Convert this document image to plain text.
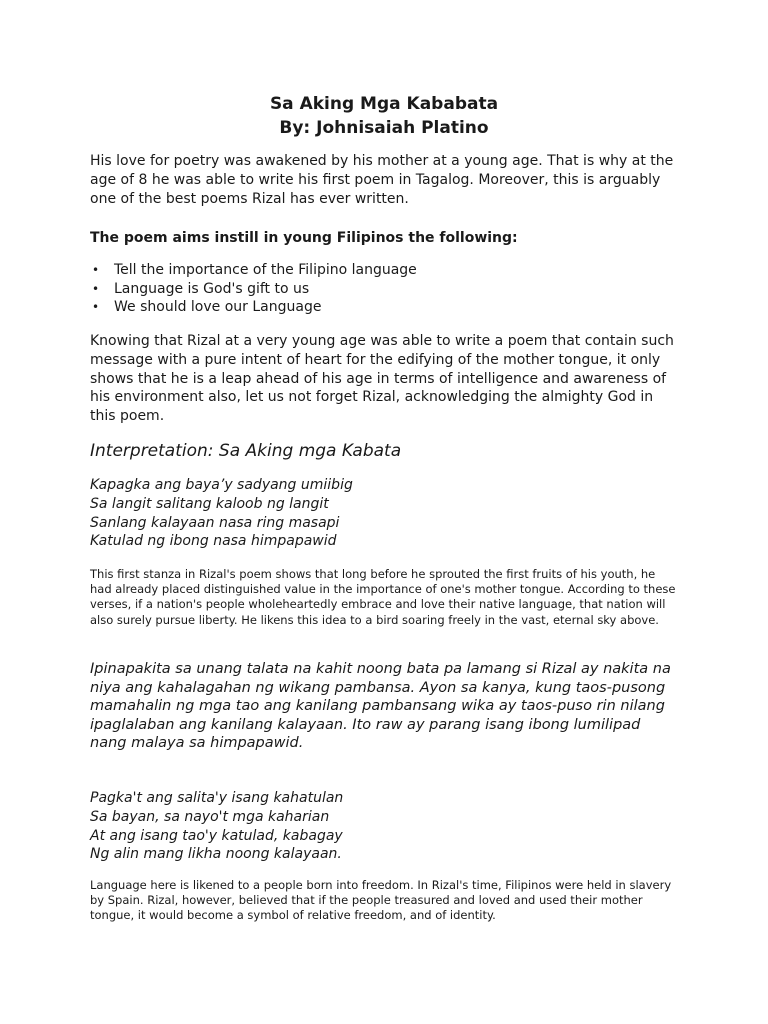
Sa Aking Mga Kababata

By: Johnisaiah Platino

His love for poetry was awakened by his mother at a young age. That is why at the age of 8 he was able to write his first poem in Tagalog. Moreover, this is arguably one of the best poems Rizal has ever written.

The poem aims instill in young Filipinos the following:

• Tell the importance of the Filipino language
• Language is God's gift to us
• We should love our Language

Knowing that Rizal at a very young age was able to write a poem that contain such message with a pure intent of heart for the edifying of the mother tongue, it only shows that he is a leap ahead of his age in terms of intelligence and awareness of his environment also, let us not forget Rizal, acknowledging the almighty God in this poem.

Interpretation: Sa Aking mga Kabata

Kapagka ang baya’y sadyang umiibig

Sa langit salitang kaloob ng langit

Sanlang kalayaan nasa ring masapi

Katulad ng ibong nasa himpapawid

This first stanza in Rizal's poem shows that long before he sprouted the first fruits of his youth, he had already placed distinguished value in the importance of one's mother tongue. According to these verses, if a nation's people wholeheartedly embrace and love their native language, that nation will also surely pursue liberty. He likens this idea to a bird soaring freely in the vast, eternal sky above.

Ipinapakita sa unang talata na kahit noong bata pa lamang si Rizal ay nakita na niya ang kahalagahan ng wikang pambansa. Ayon sa kanya, kung taos-pusong mamahalin ng mga tao ang kanilang pambansang wika ay taos-puso rin nilang ipaglalaban ang kanilang kalayaan. Ito raw ay parang isang ibong lumilipad nang malaya sa himpapawid.

Pagka't ang salita'y isang kahatulan

Sa bayan, sa nayo't mga kaharian

At ang isang tao'y katulad, kabagay

Ng alin mang likha noong kalayaan.

Language here is likened to a people born into freedom. In Rizal's time, Filipinos were held in slavery by Spain. Rizal, however, believed that if the people treasured and loved and used their mother tongue, it would become a symbol of relative freedom, and of identity.
